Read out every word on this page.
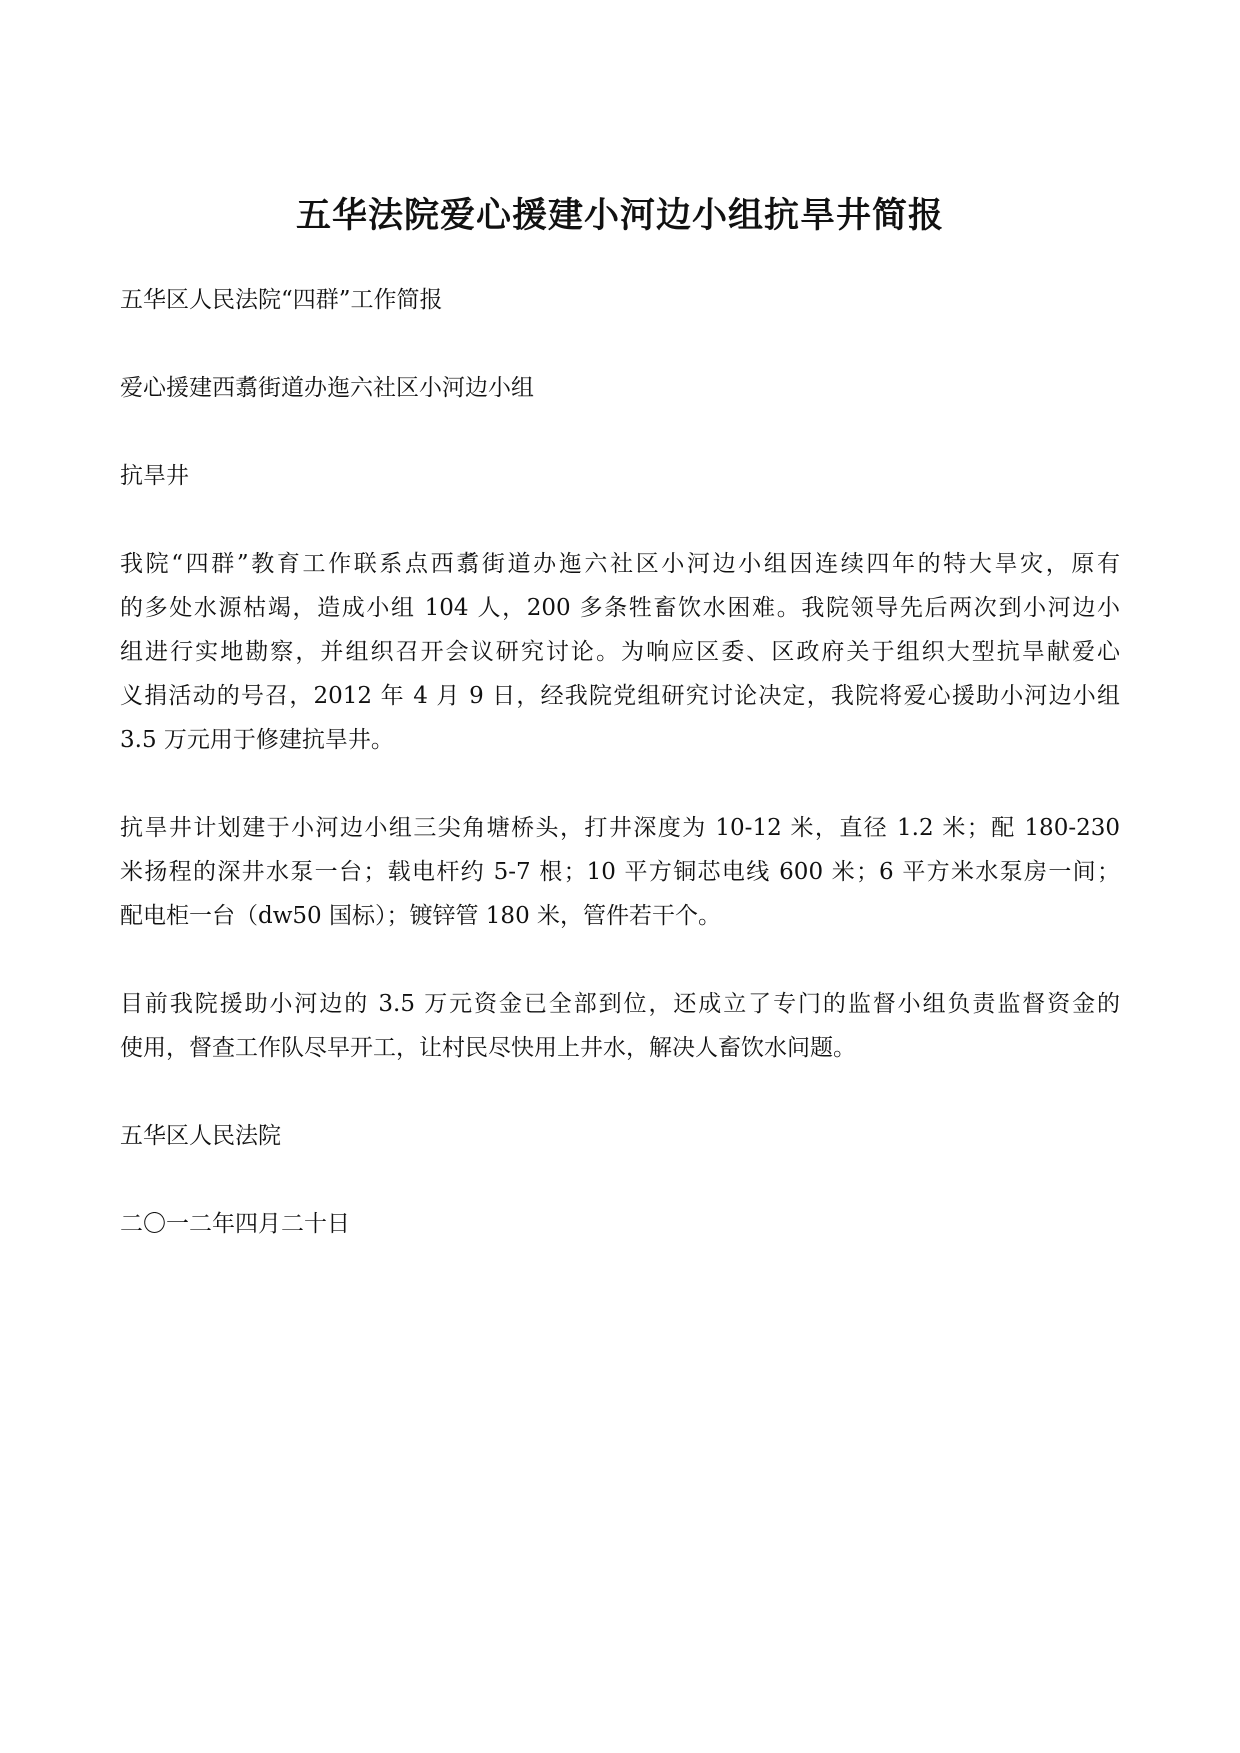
五华法院爱心援建小河边小组抗旱井简报

五华区人民法院“四群”工作简报

爱心援建西翥街道办迤六社区小河边小组

抗旱井

我院“四群”教育工作联系点西翥街道办迤六社区小河边小组因连续四年的特大旱灾，原有
的多处水源枯竭，造成小组 104 人，200 多条牲畜饮水困难。我院领导先后两次到小河边小
组进行实地勘察，并组织召开会议研究讨论。为响应区委、区政府关于组织大型抗旱献爱心
义捐活动的号召，2012 年 4 月 9 日，经我院党组研究讨论决定，我院将爱心援助小河边小组
3.5 万元用于修建抗旱井。
抗旱井计划建于小河边小组三尖角塘桥头，打井深度为 10-12 米，直径 1.2 米；配 180-230
米扬程的深井水泵一台；载电杆约 5-7 根；10 平方铜芯电线 600 米；6 平方米水泵房一间；
配电柜一台（dw50 国标）；镀锌管 180 米，管件若干个。
目前我院援助小河边的 3.5 万元资金已全部到位，还成立了专门的监督小组负责监督资金的
使用，督查工作队尽早开工，让村民尽快用上井水，解决人畜饮水问题。

五华区人民法院

二〇一二年四月二十日
